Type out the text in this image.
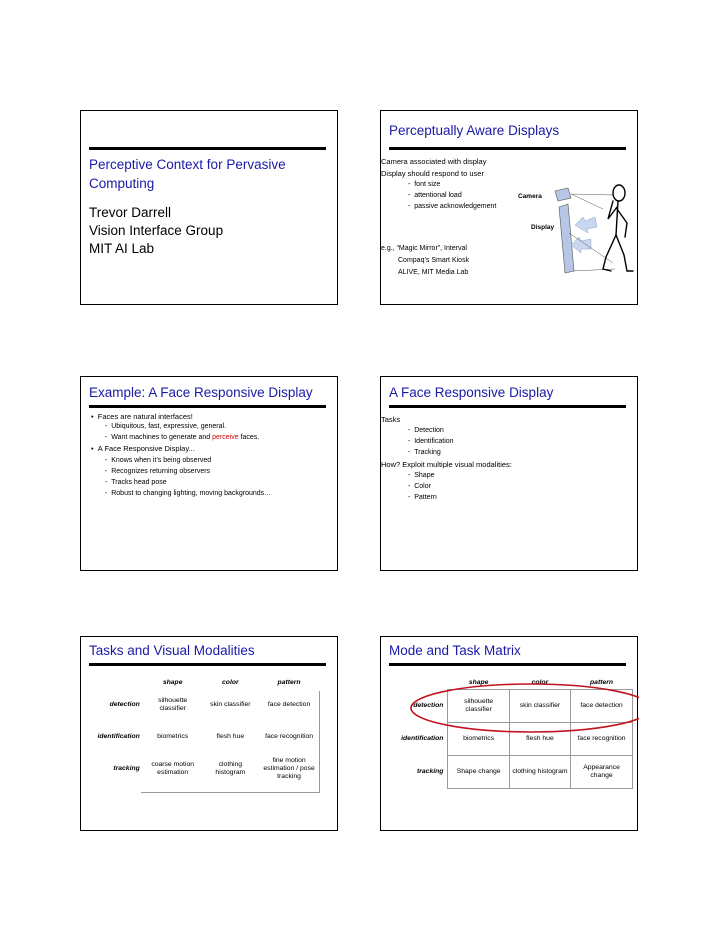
Perceptive Context for Pervasive
Computing
Trevor Darrell
Vision Interface Group
MIT AI Lab
Perceptually Aware Displays
Camera associated with display
Display should respond to user
-  font size
-  attentional load
-  passive acknowledgement
e.g., “Magic Mirror”, Interval
Compaq’s Smart Kiosk
ALIVE, MIT Media Lab
Camera
Display
Example: A Face Responsive Display
•  Faces are natural interfaces!
-  Ubiquitous, fast, expressive, general.
-  Want machines to generate and perceive faces.
•  A Face Responsive Display...
-  Knows when it’s being observed
-  Recognizes returning observers
-  Tracks head pose
-  Robust to changing lighting, moving backgrounds…
A Face Responsive Display
Tasks
-  Detection
-  Identification
-  Tracking
How? Exploit multiple visual modalities:
-  Shape
-  Color
-  Pattern
Tasks and Visual Modalities
	shape	color	pattern
detection	silhouette classifier	skin classifier	face detection
identification	biometrics	flesh hue	face recognition
tracking	coarse motion estimation	clothing histogram	fine motion estimation / pose tracking
Mode and Task Matrix
	shape	color	pattern
detection	silhouette classifier	skin classifier	face detection
identification	biometrics	flesh hue	face recognition
tracking	Shape change	clothing histogram	Appearance change
